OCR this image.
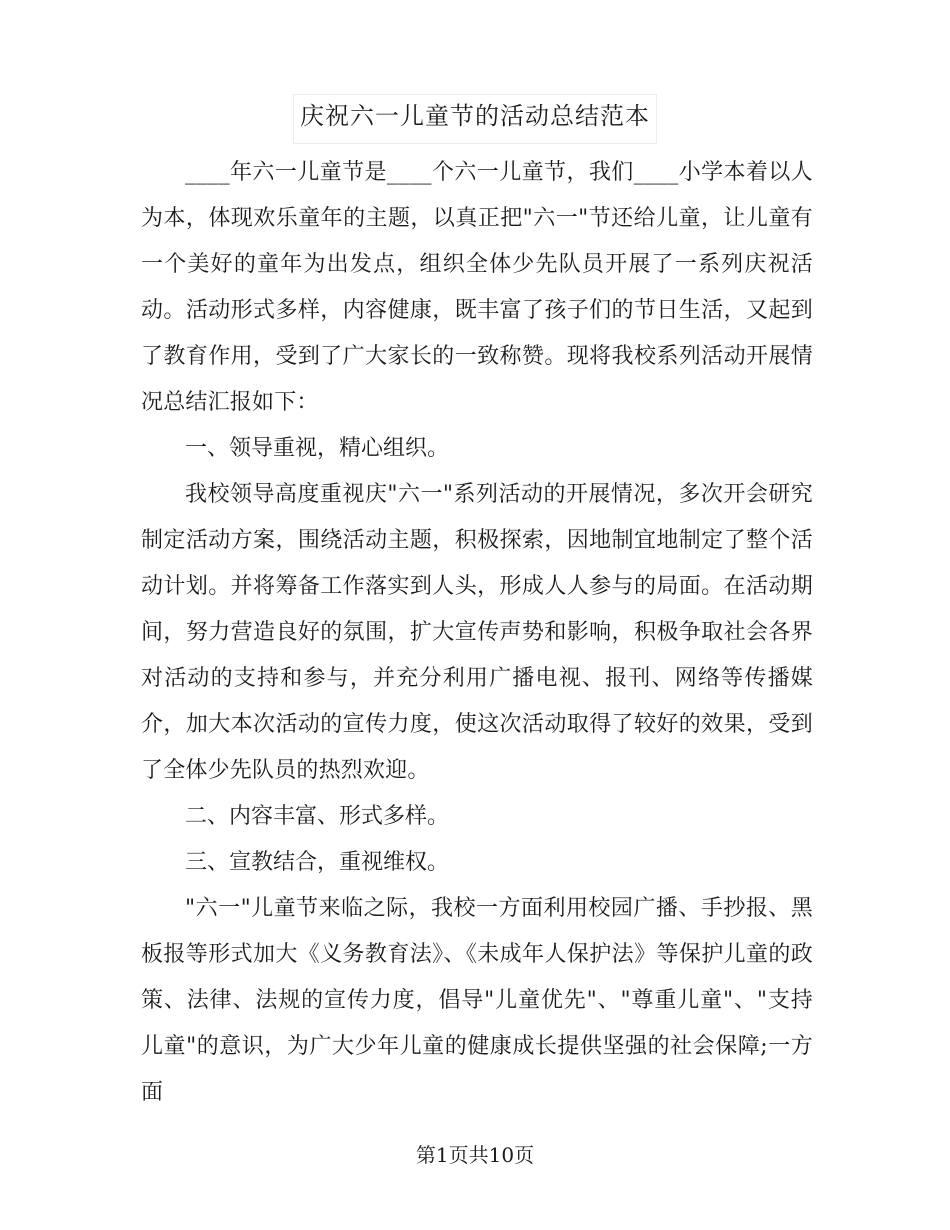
庆祝六一儿童节的活动总结范本

____年六一儿童节是____个六一儿童节，我们____小学本着以人为本，体现欢乐童年的主题，以真正把"六一"节还给儿童，让儿童有一个美好的童年为出发点，组织全体少先队员开展了一系列庆祝活动。活动形式多样，内容健康，既丰富了孩子们的节日生活，又起到了教育作用，受到了广大家长的一致称赞。现将我校系列活动开展情况总结汇报如下：

一、领导重视，精心组织。

我校领导高度重视庆"六一"系列活动的开展情况，多次开会研究制定活动方案，围绕活动主题，积极探索，因地制宜地制定了整个活动计划。并将筹备工作落实到人头，形成人人参与的局面。在活动期间，努力营造良好的氛围，扩大宣传声势和影响，积极争取社会各界对活动的支持和参与，并充分利用广播电视、报刊、网络等传播媒介，加大本次活动的宣传力度，使这次活动取得了较好的效果，受到了全体少先队员的热烈欢迎。

二、内容丰富、形式多样。

三、宣教结合，重视维权。

"六一"儿童节来临之际，我校一方面利用校园广播、手抄报、黑板报等形式加大《义务教育法》、《未成年人保护法》等保护儿童的政策、法律、法规的宣传力度，倡导"儿童优先"、"尊重儿童"、"支持儿童"的意识，为广大少年儿童的健康成长提供坚强的社会保障;一方面

第1页共10页
